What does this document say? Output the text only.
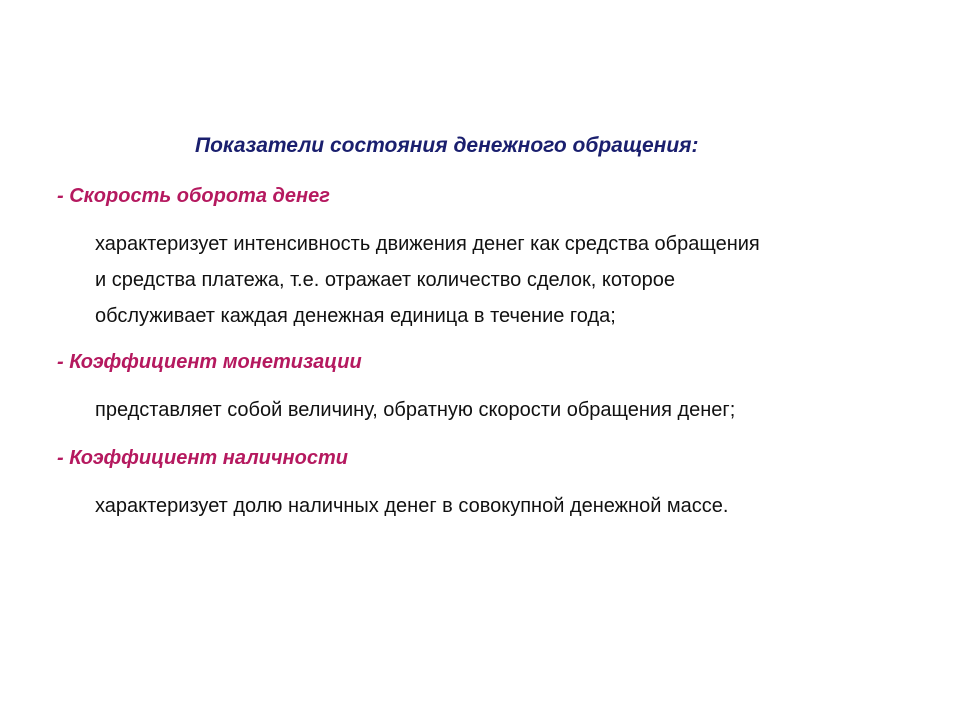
Показатели состояния денежного обращения:
- Скорость оборота денег
характеризует интенсивность движения денег как средства обращения
и средства платежа, т.е. отражает количество сделок, которое
обслуживает каждая денежная единица в течение года;
- Коэффициент монетизации
представляет собой величину, обратную скорости обращения денег;
- Коэффициент наличности
характеризует долю наличных денег в совокупной денежной массе.
